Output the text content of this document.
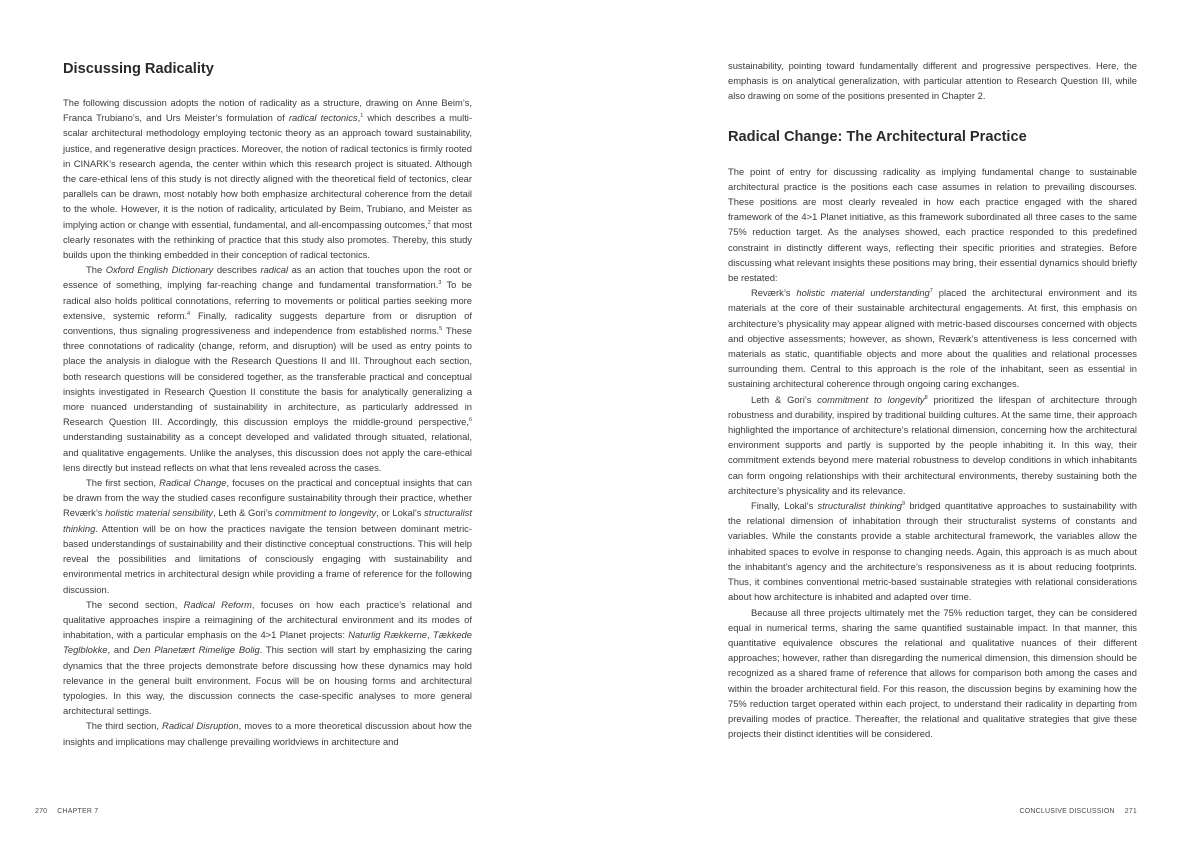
Discussing Radicality

The following discussion adopts the notion of radicality as a structure, drawing on Anne Beim’s, Franca Trubiano’s, and Urs Meister’s formulation of radical tectonics,$^1$ which describes a multi-scalar architectural methodology employing tectonic theory as an approach toward sustainability, justice, and regenerative design practices. Moreover, the notion of radical tectonics is firmly rooted in CINARK’s research agenda, the center within which this research project is situated. Although the care-ethical lens of this study is not directly aligned with the theoretical field of tectonics, clear parallels can be drawn, most notably how both emphasize architectural coherence from the detail to the whole. However, it is the notion of radicality, articulated by Beim, Trubiano, and Meister as implying action or change with essential, fundamental, and all-encompassing outcomes,$^2$ that most clearly resonates with the rethinking of practice that this study also promotes. Thereby, this study builds upon the thinking embedded in their conception of radical tectonics.

The Oxford English Dictionary describes radical as an action that touches upon the root or essence of something, implying far-reaching change and fundamental transformation.$^3$ To be radical also holds political connotations, referring to movements or political parties seeking more extensive, systemic reform.$^4$ Finally, radicality suggests departure from or disruption of conventions, thus signaling progressiveness and independence from established norms.$^5$ These three connotations of radicality (change, reform, and disruption) will be used as entry points to place the analysis in dialogue with the Research Questions II and III. Throughout each section, both research questions will be considered together, as the transferable practical and conceptual insights investigated in Research Question II constitute the basis for analytically generalizing a more nuanced understanding of sustainability in architecture, as particularly addressed in Research Question III. Accordingly, this discussion employs the middle-ground perspective,$^6$ understanding sustainability as a concept developed and validated through situated, relational, and qualitative engagements. Unlike the analyses, this discussion does not apply the care-ethical lens directly but instead reflects on what that lens revealed across the cases.

The first section, Radical Change, focuses on the practical and conceptual insights that can be drawn from the way the studied cases reconfigure sustainability through their practice, whether Reværk’s holistic material sensibility, Leth & Gori’s commitment to longevity, or Lokal’s structuralist thinking. Attention will be on how the practices navigate the tension between dominant metric-based understandings of sustainability and their distinctive conceptual constructions. This will help reveal the possibilities and limitations of consciously engaging with sustainability and environmental metrics in architectural design while providing a frame of reference for the following discussion.

The second section, Radical Reform, focuses on how each practice’s relational and qualitative approaches inspire a reimagining of the architectural environment and its modes of inhabitation, with a particular emphasis on the 4>1 Planet projects: Naturlig Rækkerne, Tækkede Teglblokke, and Den Planetært Rimelige Bolig. This section will start by emphasizing the caring dynamics that the three projects demonstrate before discussing how these dynamics may hold relevance in the general built environment. Focus will be on housing forms and architectural typologies. In this way, the discussion connects the case-specific analyses to more general architectural settings.

The third section, Radical Disruption, moves to a more theoretical discussion about how the insights and implications may challenge prevailing worldviews in architecture and

270 CHAPTER 7

sustainability, pointing toward fundamentally different and progressive perspectives. Here, the emphasis is on analytical generalization, with particular attention to Research Question III, while also drawing on some of the positions presented in Chapter 2.

Radical Change: The Architectural Practice

The point of entry for discussing radicality as implying fundamental change to sustainable architectural practice is the positions each case assumes in relation to prevailing discourses. These positions are most clearly revealed in how each practice engaged with the shared framework of the 4>1 Planet initiative, as this framework subordinated all three cases to the same 75% reduction target. As the analyses showed, each practice responded to this predefined constraint in distinctly different ways, reflecting their specific priorities and strategies. Before discussing what relevant insights these positions may bring, their essential dynamics should briefly be restated:

Reværk’s holistic material understanding$^7$ placed the architectural environment and its materials at the core of their sustainable architectural engagements. At first, this emphasis on architecture’s physicality may appear aligned with metric-based discourses concerned with objects and objective assessments; however, as shown, Reværk’s attentiveness is less concerned with materials as static, quantifiable objects and more about the qualities and relational processes surrounding them. Central to this approach is the role of the inhabitant, seen as essential in sustaining architectural coherence through ongoing caring exchanges.

Leth & Gori’s commitment to longevity$^8$ prioritized the lifespan of architecture through robustness and durability, inspired by traditional building cultures. At the same time, their approach highlighted the importance of architecture’s relational dimension, concerning how the architectural environment supports and partly is supported by the people inhabiting it. In this way, their commitment extends beyond mere material robustness to develop conditions in which inhabitants can form ongoing relationships with their architectural environments, thereby sustaining both the architecture’s physicality and its relevance.

Finally, Lokal’s structuralist thinking$^9$ bridged quantitative approaches to sustainability with the relational dimension of inhabitation through their structuralist systems of constants and variables. While the constants provide a stable architectural framework, the variables allow the inhabited spaces to evolve in response to changing needs. Again, this approach is as much about the inhabitant’s agency and the architecture’s responsiveness as it is about reducing footprints. Thus, it combines conventional metric-based sustainable strategies with relational considerations about how architecture is inhabited and adapted over time.

Because all three projects ultimately met the 75% reduction target, they can be considered equal in numerical terms, sharing the same quantified sustainable impact. In that manner, this quantitative equivalence obscures the relational and qualitative nuances of their different approaches; however, rather than disregarding the numerical dimension, this dimension should be recognized as a shared frame of reference that allows for comparison both among the cases and within the broader architectural field. For this reason, the discussion begins by examining how the 75% reduction target operated within each project, to understand their radicality in departing from prevailing modes of practice. Thereafter, the relational and qualitative strategies that give these projects their distinct identities will be considered.

CONCLUSIVE DISCUSSION 271
